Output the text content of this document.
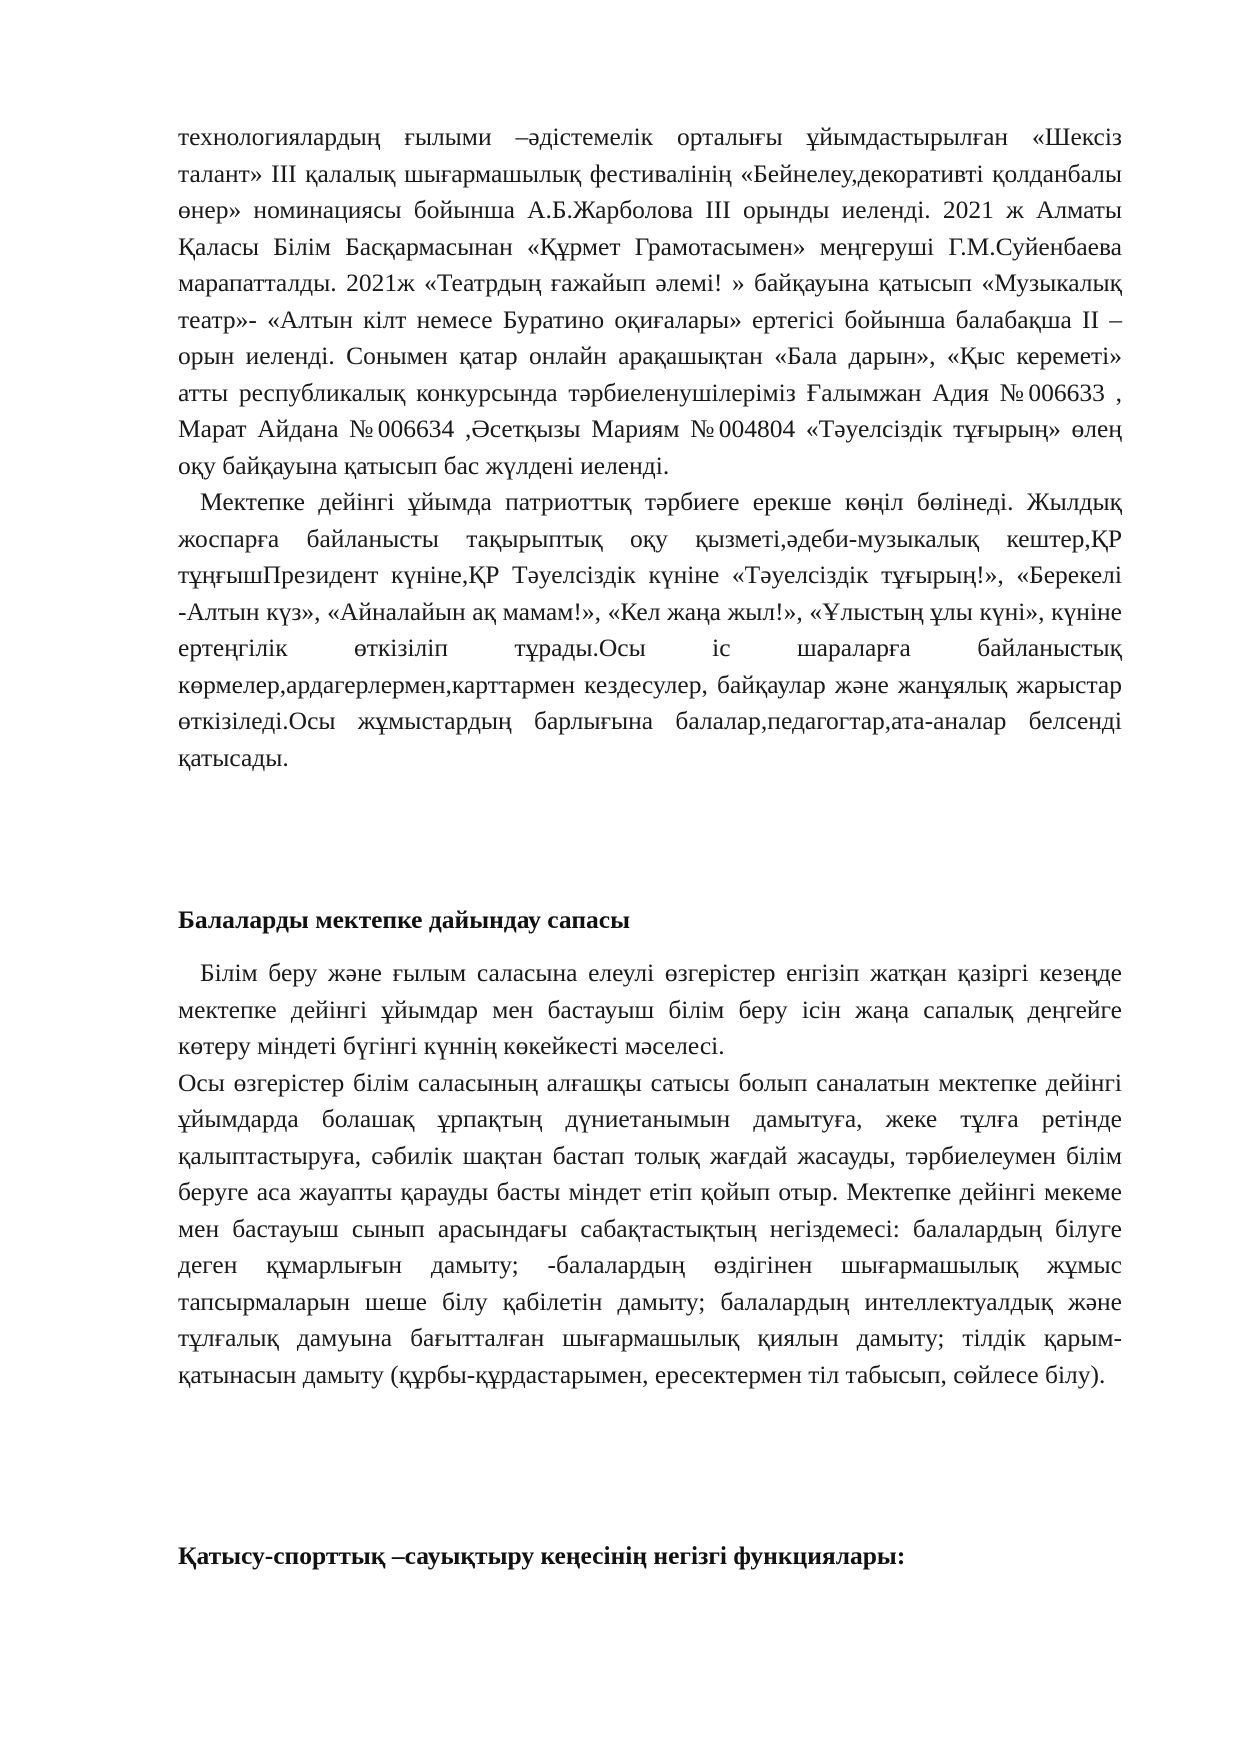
технологиялардың ғылыми –әдістемелік орталығы ұйымдастырылған «Шексіз талант» ІІІ қалалық шығармашылық фестивалінің «Бейнелеу,декоративті қолданбалы өнер» номинациясы бойынша А.Б.Жарболова ІІІ орынды иеленді. 2021 ж Алматы Қаласы Білім Басқармасынан «Құрмет Грамотасымен» меңгеруші Г.М.Суйенбаева марапатталды. 2021ж «Театрдың ғажайып әлемі! » байқауына қатысып «Музыкалық театр»- «Алтын кілт немесе Буратино оқиғалары» ертегісі бойынша балабақша ІІ – орын иеленді. Сонымен қатар онлайн арақашықтан «Бала дарын», «Қыс кереметі» атты республикалық конкурсында тәрбиеленушілеріміз Ғалымжан Адия №006633 , Марат Айдана №006634 ,Әсетқызы Мариям №004804 «Тәуелсіздік тұғырың» өлең оқу байқауына қатысып бас жүлдені иеленді.

Мектепке дейінгі ұйымда патриоттық тәрбиеге ерекше көңіл бөлінеді. Жылдық жоспарға байланысты тақырыптық оқу қызметі,әдеби-музыкалық кештер,ҚР тұңғышПрезидент күніне,ҚР Тәуелсіздік күніне «Тәуелсіздік тұғырың!», «Берекелі -Алтын күз», «Айналайын ақ мамам!», «Кел жаңа жыл!», «Ұлыстың ұлы күні», күніне ертеңгілік өткізіліп тұрады.Осы іс шараларға байланыстық көрмелер,ардагерлермен,карттармен кездесулер, байқаулар және жанұялық жарыстар өткізіледі.Осы жұмыстардың барлығына балалар,педагогтар,ата-аналар белсенді қатысады.

Балаларды мектепке дайындау сапасы

Білім беру және ғылым саласына елеулі өзгерістер енгізіп жатқан қазіргі кезеңде мектепке дейінгі ұйымдар мен бастауыш білім беру ісін жаңа сапалық деңгейге көтеру міндеті бүгінгі күннің көкейкесті мәселесі.

Осы өзгерістер білім саласының алғашқы сатысы болып саналатын мектепке дейінгі ұйымдарда болашақ ұрпақтың дүниетанымын дамытуға, жеке тұлға ретінде қалыптастыруға, сәбилік шақтан бастап толық жағдай жасауды, тәрбиелеумен білім беруге аса жауапты қарауды басты міндет етіп қойып отыр. Мектепке дейінгі мекеме мен бастауыш сынып арасындағы сабақтастықтың негіздемесі: балалардың білуге деген құмарлығын дамыту; -балалардың өздігінен шығармашылық жұмыс тапсырмаларын шеше білу қабілетін дамыту; балалардың интеллектуалдық және тұлғалық дамуына бағытталған шығармашылық қиялын дамыту; тілдік қарым-қатынасын дамыту (құрбы-құрдастарымен, ересектермен тіл табысып, сөйлесе білу).

Қатысу-спорттық –сауықтыру кеңесінің негізгі функциялары:
